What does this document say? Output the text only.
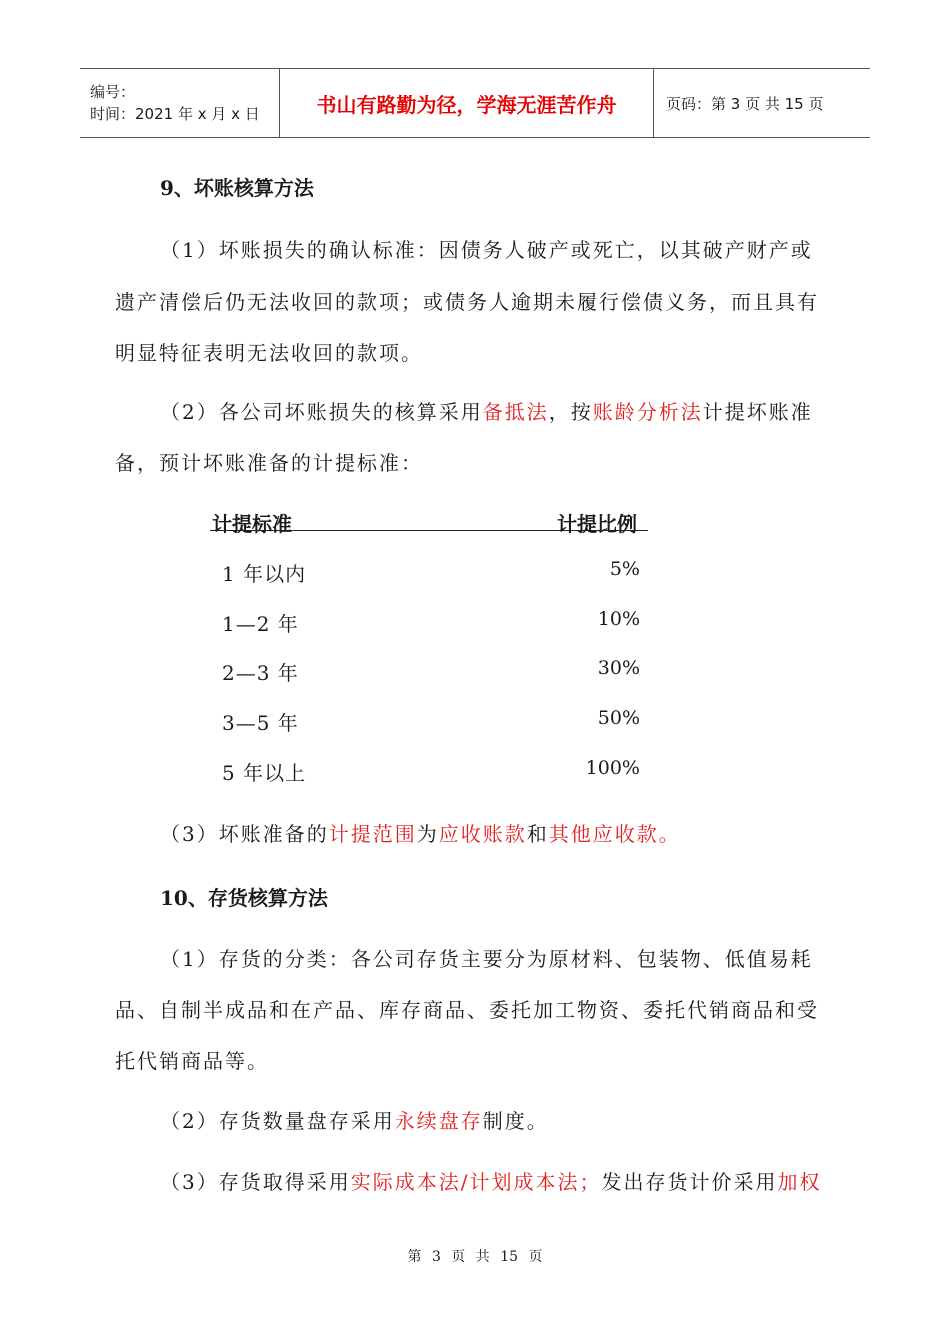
编号：
时间：2021 年 x 月 x 日	书山有路勤为径，学海无涯苦作舟	页码：第 3 页 共 15 页
9、坏账核算方法
（1）坏账损失的确认标准：因债务人破产或死亡，以其破产财产或
遗产清偿后仍无法收回的款项；或债务人逾期未履行偿债义务，而且具有
明显特征表明无法收回的款项。
（2）各公司坏账损失的核算采用备抵法，按账龄分析法计提坏账准
备，预计坏账准备的计提标准：
计提标准	计提比例
1 年以内	5%
1—2 年	10%
2—3 年	30%
3—5 年	50%
5 年以上	100%
（3）坏账准备的计提范围为应收账款和其他应收款。
10、存货核算方法
（1）存货的分类：各公司存货主要分为原材料、包装物、低值易耗
品、自制半成品和在产品、库存商品、委托加工物资、委托代销商品和受
托代销商品等。
（2）存货数量盘存采用永续盘存制度。
（3）存货取得采用实际成本法/计划成本法；发出存货计价采用加权
第 3 页 共 15 页
